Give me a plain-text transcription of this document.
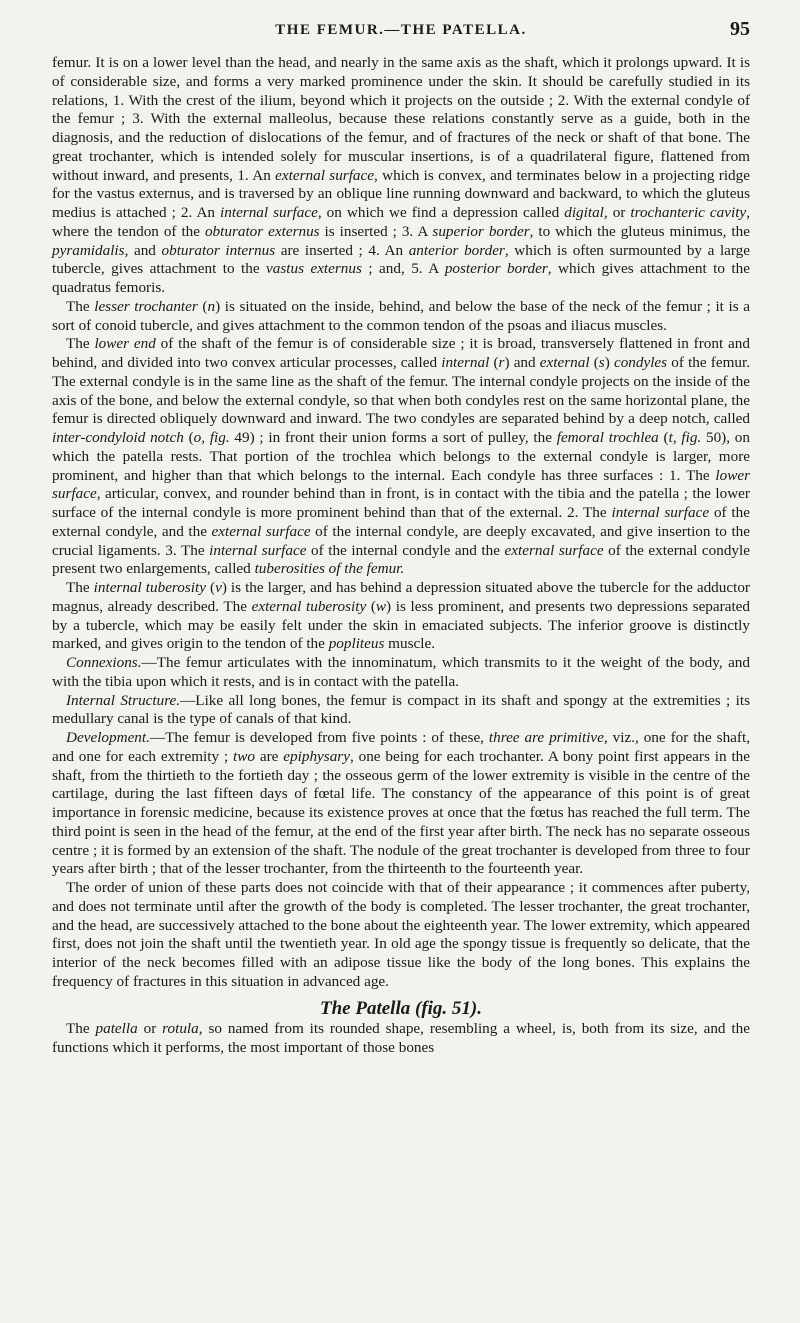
THE FEMUR.—THE PATELLA.	95

femur. It is on a lower level than the head, and nearly in the same axis as the shaft, which it prolongs upward. It is of considerable size, and forms a very marked prominence under the skin. It should be carefully studied in its relations, 1. With the crest of the ilium, beyond which it projects on the outside ; 2. With the external condyle of the femur ; 3. With the external malleolus, because these relations constantly serve as a guide, both in the diagnosis, and the reduction of dislocations of the femur, and of fractures of the neck or shaft of that bone. The great trochanter, which is intended solely for muscular insertions, is of a quadrilateral figure, flattened from without inward, and presents, 1. An external surface, which is convex, and terminates below in a projecting ridge for the vastus externus, and is traversed by an oblique line running downward and backward, to which the gluteus medius is attached ; 2. An internal surface, on which we find a depression called digital, or trochanteric cavity, where the tendon of the obturator externus is inserted ; 3. A superior border, to which the gluteus minimus, the pyramidalis, and obturator internus are inserted ; 4. An anterior border, which is often surmounted by a large tubercle, gives attachment to the vastus externus ; and, 5. A posterior border, which gives attachment to the quadratus femoris.

The lesser trochanter (n) is situated on the inside, behind, and below the base of the neck of the femur ; it is a sort of conoid tubercle, and gives attachment to the common tendon of the psoas and iliacus muscles.

The lower end of the shaft of the femur is of considerable size ; it is broad, transversely flattened in front and behind, and divided into two convex articular processes, called internal (r) and external (s) condyles of the femur. The external condyle is in the same line as the shaft of the femur. The internal condyle projects on the inside of the axis of the bone, and below the external condyle, so that when both condyles rest on the same horizontal plane, the femur is directed obliquely downward and inward. The two condyles are separated behind by a deep notch, called inter-condyloid notch (o, fig. 49) ; in front their union forms a sort of pulley, the femoral trochlea (t, fig. 50), on which the patella rests. That portion of the trochlea which belongs to the external condyle is larger, more prominent, and higher than that which belongs to the internal. Each condyle has three surfaces : 1. The lower surface, articular, convex, and rounder behind than in front, is in contact with the tibia and the patella ; the lower surface of the internal condyle is more prominent behind than that of the external. 2. The internal surface of the external condyle, and the external surface of the internal condyle, are deeply excavated, and give insertion to the crucial ligaments. 3. The internal surface of the internal condyle and the external surface of the external condyle present two enlargements, called tuberosities of the femur.

The internal tuberosity (v) is the larger, and has behind a depression situated above the tubercle for the adductor magnus, already described. The external tuberosity (w) is less prominent, and presents two depressions separated by a tubercle, which may be easily felt under the skin in emaciated subjects. The inferior groove is distinctly marked, and gives origin to the tendon of the popliteus muscle.

Connexions.—The femur articulates with the innominatum, which transmits to it the weight of the body, and with the tibia upon which it rests, and is in contact with the patella.

Internal Structure.—Like all long bones, the femur is compact in its shaft and spongy at the extremities ; its medullary canal is the type of canals of that kind.

Development.—The femur is developed from five points : of these, three are primitive, viz., one for the shaft, and one for each extremity ; two are epiphysary, one being for each trochanter. A bony point first appears in the shaft, from the thirtieth to the fortieth day ; the osseous germ of the lower extremity is visible in the centre of the cartilage, during the last fifteen days of fœtal life. The constancy of the appearance of this point is of great importance in forensic medicine, because its existence proves at once that the fœtus has reached the full term. The third point is seen in the head of the femur, at the end of the first year after birth. The neck has no separate osseous centre ; it is formed by an extension of the shaft. The nodule of the great trochanter is developed from three to four years after birth ; that of the lesser trochanter, from the thirteenth to the fourteenth year.

The order of union of these parts does not coincide with that of their appearance ; it commences after puberty, and does not terminate until after the growth of the body is completed. The lesser trochanter, the great trochanter, and the head, are successively attached to the bone about the eighteenth year. The lower extremity, which appeared first, does not join the shaft until the twentieth year. In old age the spongy tissue is frequently so delicate, that the interior of the neck becomes filled with an adipose tissue like the body of the long bones. This explains the frequency of fractures in this situation in advanced age.

The Patella (fig. 51).

The patella or rotula, so named from its rounded shape, resembling a wheel, is, both from its size, and the functions which it performs, the most important of those bones
